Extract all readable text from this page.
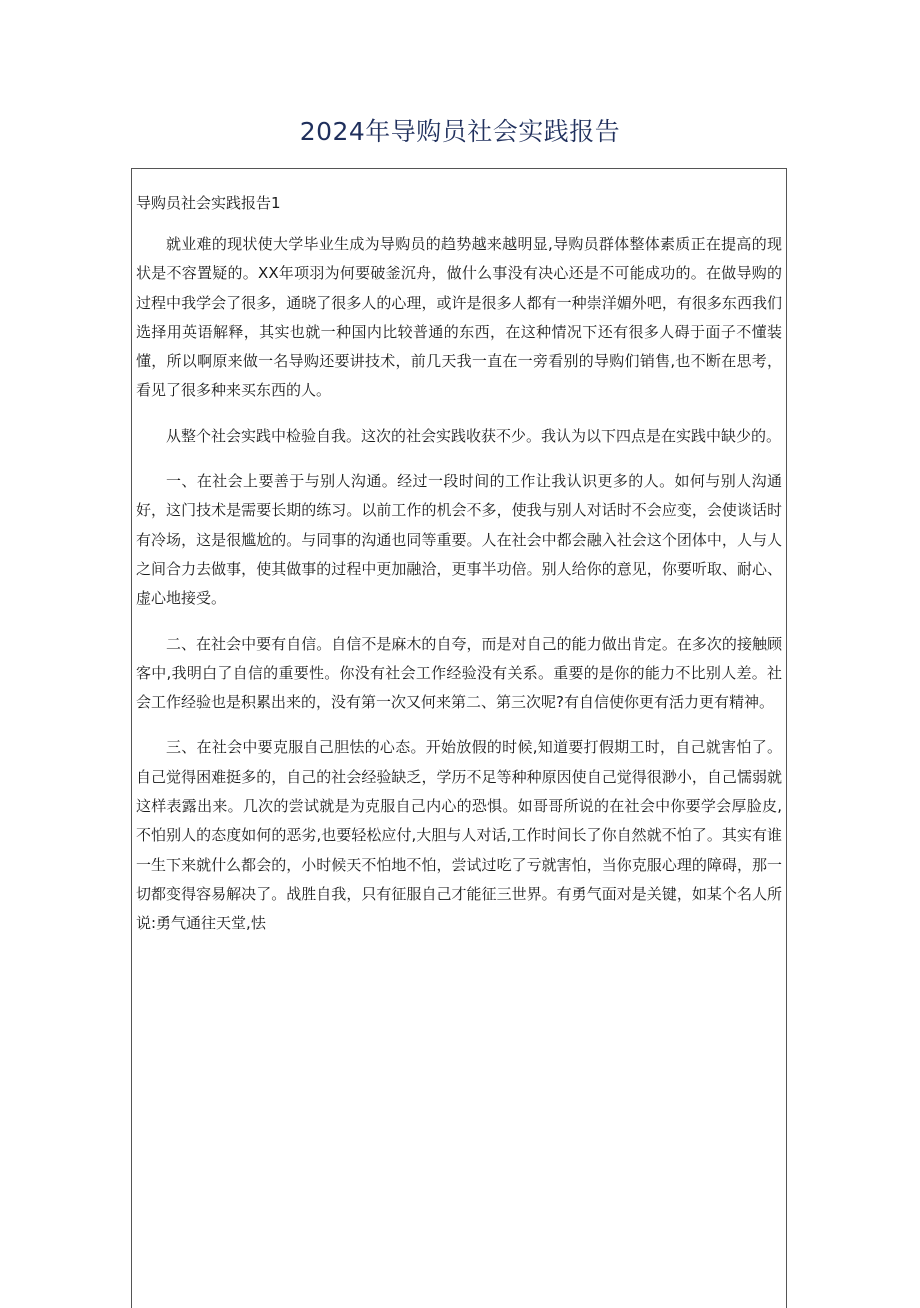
2024年导购员社会实践报告

导购员社会实践报告1

就业难的现状使大学毕业生成为导购员的趋势越来越明显,导购员群体整体素质正在提高的现状是不容置疑的。XX年项羽为何要破釜沉舟，做什么事没有决心还是不可能成功的。在做导购的过程中我学会了很多，通晓了很多人的心理，或许是很多人都有一种崇洋媚外吧，有很多东西我们选择用英语解释，其实也就一种国内比较普通的东西，在这种情况下还有很多人碍于面子不懂装懂，所以啊原来做一名导购还要讲技术，前几天我一直在一旁看别的导购们销售,也不断在思考，看见了很多种来买东西的人。

从整个社会实践中检验自我。这次的社会实践收获不少。我认为以下四点是在实践中缺少的。

一、在社会上要善于与别人沟通。经过一段时间的工作让我认识更多的人。如何与别人沟通好，这门技术是需要长期的练习。以前工作的机会不多，使我与别人对话时不会应变，会使谈话时有冷场，这是很尴尬的。与同事的沟通也同等重要。人在社会中都会融入社会这个团体中，人与人之间合力去做事，使其做事的过程中更加融洽，更事半功倍。别人给你的意见，你要听取、耐心、虚心地接受。

二、在社会中要有自信。自信不是麻木的自夸，而是对自己的能力做出肯定。在多次的接触顾客中,我明白了自信的重要性。你没有社会工作经验没有关系。重要的是你的能力不比别人差。社会工作经验也是积累出来的，没有第一次又何来第二、第三次呢?有自信使你更有活力更有精神。

三、在社会中要克服自己胆怯的心态。开始放假的时候,知道要打假期工时，自己就害怕了。自己觉得困难挺多的，自己的社会经验缺乏，学历不足等种种原因使自己觉得很渺小，自己懦弱就这样表露出来。几次的尝试就是为克服自己内心的恐惧。如哥哥所说的在社会中你要学会厚脸皮,不怕别人的态度如何的恶劣,也要轻松应付,大胆与人对话,工作时间长了你自然就不怕了。其实有谁一生下来就什么都会的，小时候天不怕地不怕，尝试过吃了亏就害怕，当你克服心理的障碍，那一切都变得容易解决了。战胜自我，只有征服自己才能征三世界。有勇气面对是关键，如某个名人所说:勇气通往天堂,怯
